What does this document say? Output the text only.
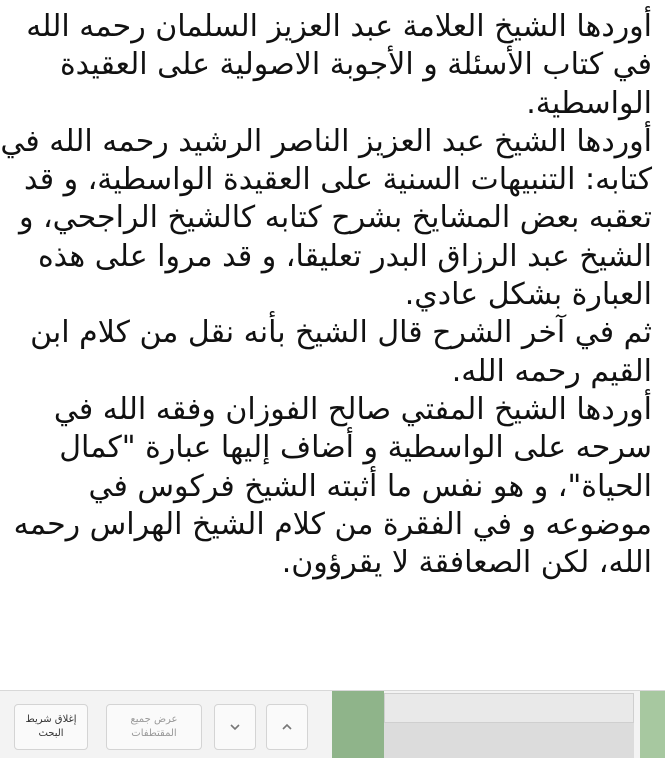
أوردها الشيخ العلامة عبد العزيز السلمان رحمه الله
في كتاب الأسئلة و الأجوبة الاصولية على العقيدة
الواسطية.
أوردها الشيخ عبد العزيز الناصر الرشيد رحمه الله في
كتابه: التنبيهات السنية على العقيدة الواسطية، و قد
تعقبه بعض المشايخ بشرح كتابه كالشيخ الراجحي، و
الشيخ عبد الرزاق البدر تعليقا، و قد مروا على هذه
العبارة بشكل عادي.
ثم في آخر الشرح قال الشيخ بأنه نقل من كلام ابن
القيم رحمه الله.
أوردها الشيخ المفتي صالح الفوزان وفقه الله في
سرحه على الواسطية و أضاف إليها عبارة "كمال
الحياة"، و هو نفس ما أثبته الشيخ فركوس في
موضوعه و في الفقرة من كلام الشيخ الهراس رحمه
الله، لكن الصعافقة لا يقرؤون.
إغلاق شريط
البحث
عرض جميع
المقتطفات
